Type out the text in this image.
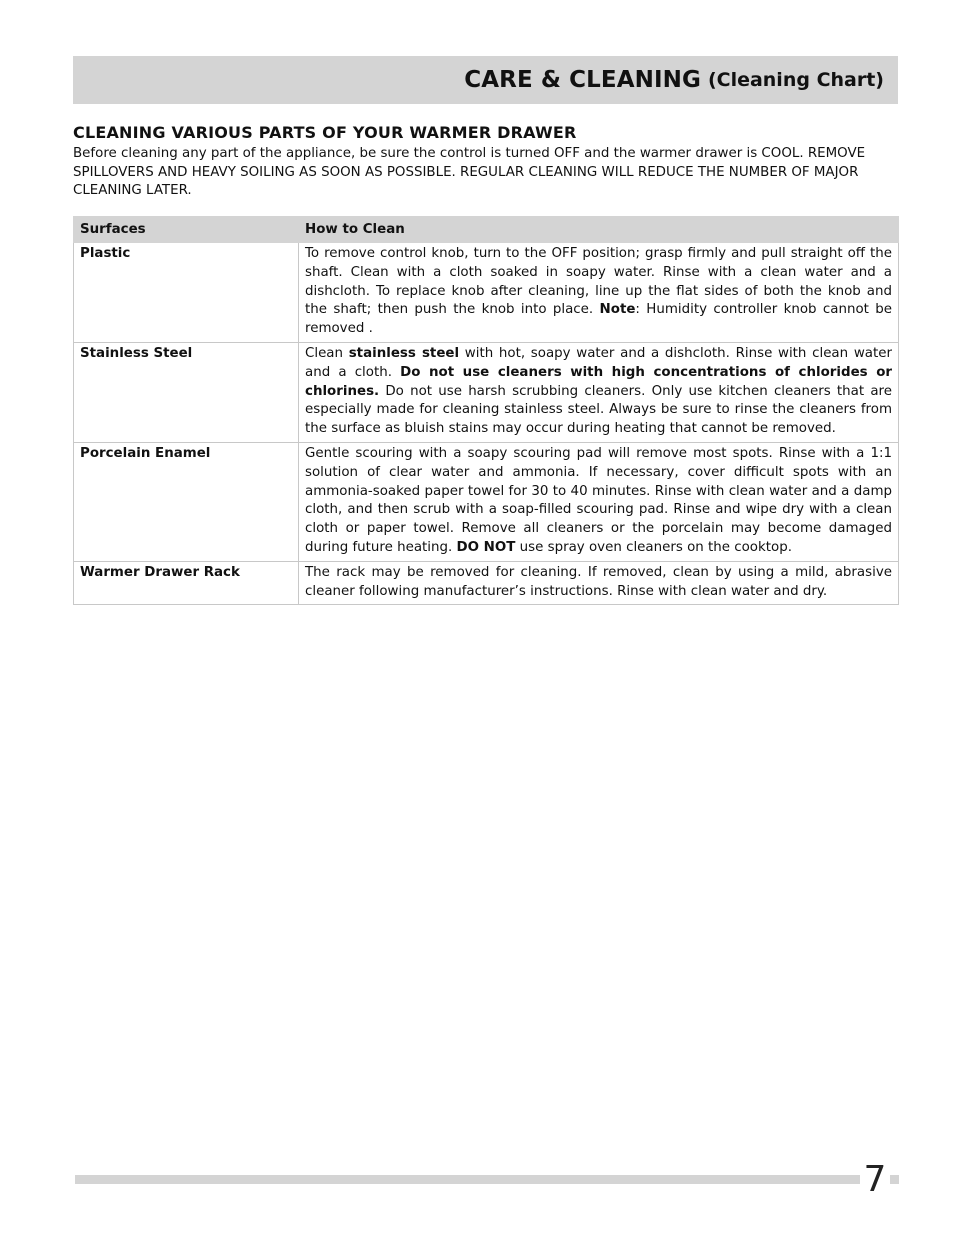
CARE & CLEANING (Cleaning Chart)
CLEANING VARIOUS PARTS OF YOUR WARMER DRAWER

Before cleaning any part of the appliance, be sure the control is turned OFF and the warmer drawer is COOL. REMOVE SPILLOVERS AND HEAVY SOILING AS SOON AS POSSIBLE. REGULAR CLEANING WILL REDUCE THE NUMBER OF MAJOR CLEANING LATER.

Surfaces	How to Clean
Plastic	To remove control knob, turn to the OFF position; grasp firmly and pull straight off the shaft. Clean with a cloth soaked in soapy water. Rinse with a clean water and a dishcloth. To replace knob after cleaning, line up the flat sides of both the knob and the shaft; then push the knob into place. Note: Humidity controller knob cannot be removed .
Stainless Steel	Clean stainless steel with hot, soapy water and a dishcloth. Rinse with clean water and a cloth. Do not use cleaners with high concentrations of chlorides or chlorines. Do not use harsh scrubbing cleaners. Only use kitchen cleaners that are especially made for cleaning stainless steel. Always be sure to rinse the cleaners from the surface as bluish stains may occur during heating that cannot be removed.
Porcelain Enamel	Gentle scouring with a soapy scouring pad will remove most spots. Rinse with a 1:1 solution of clear water and ammonia. If necessary, cover difficult spots with an ammonia-soaked paper towel for 30 to 40 minutes. Rinse with clean water and a damp cloth, and then scrub with a soap-filled scouring pad. Rinse and wipe dry with a clean cloth or paper towel. Remove all cleaners or the porcelain may become damaged during future heating. DO NOT use spray oven cleaners on the cooktop.
Warmer Drawer Rack	The rack may be removed for cleaning. If removed, clean by using a mild, abrasive cleaner following manufacturer’s instructions. Rinse with clean water and dry.
7
